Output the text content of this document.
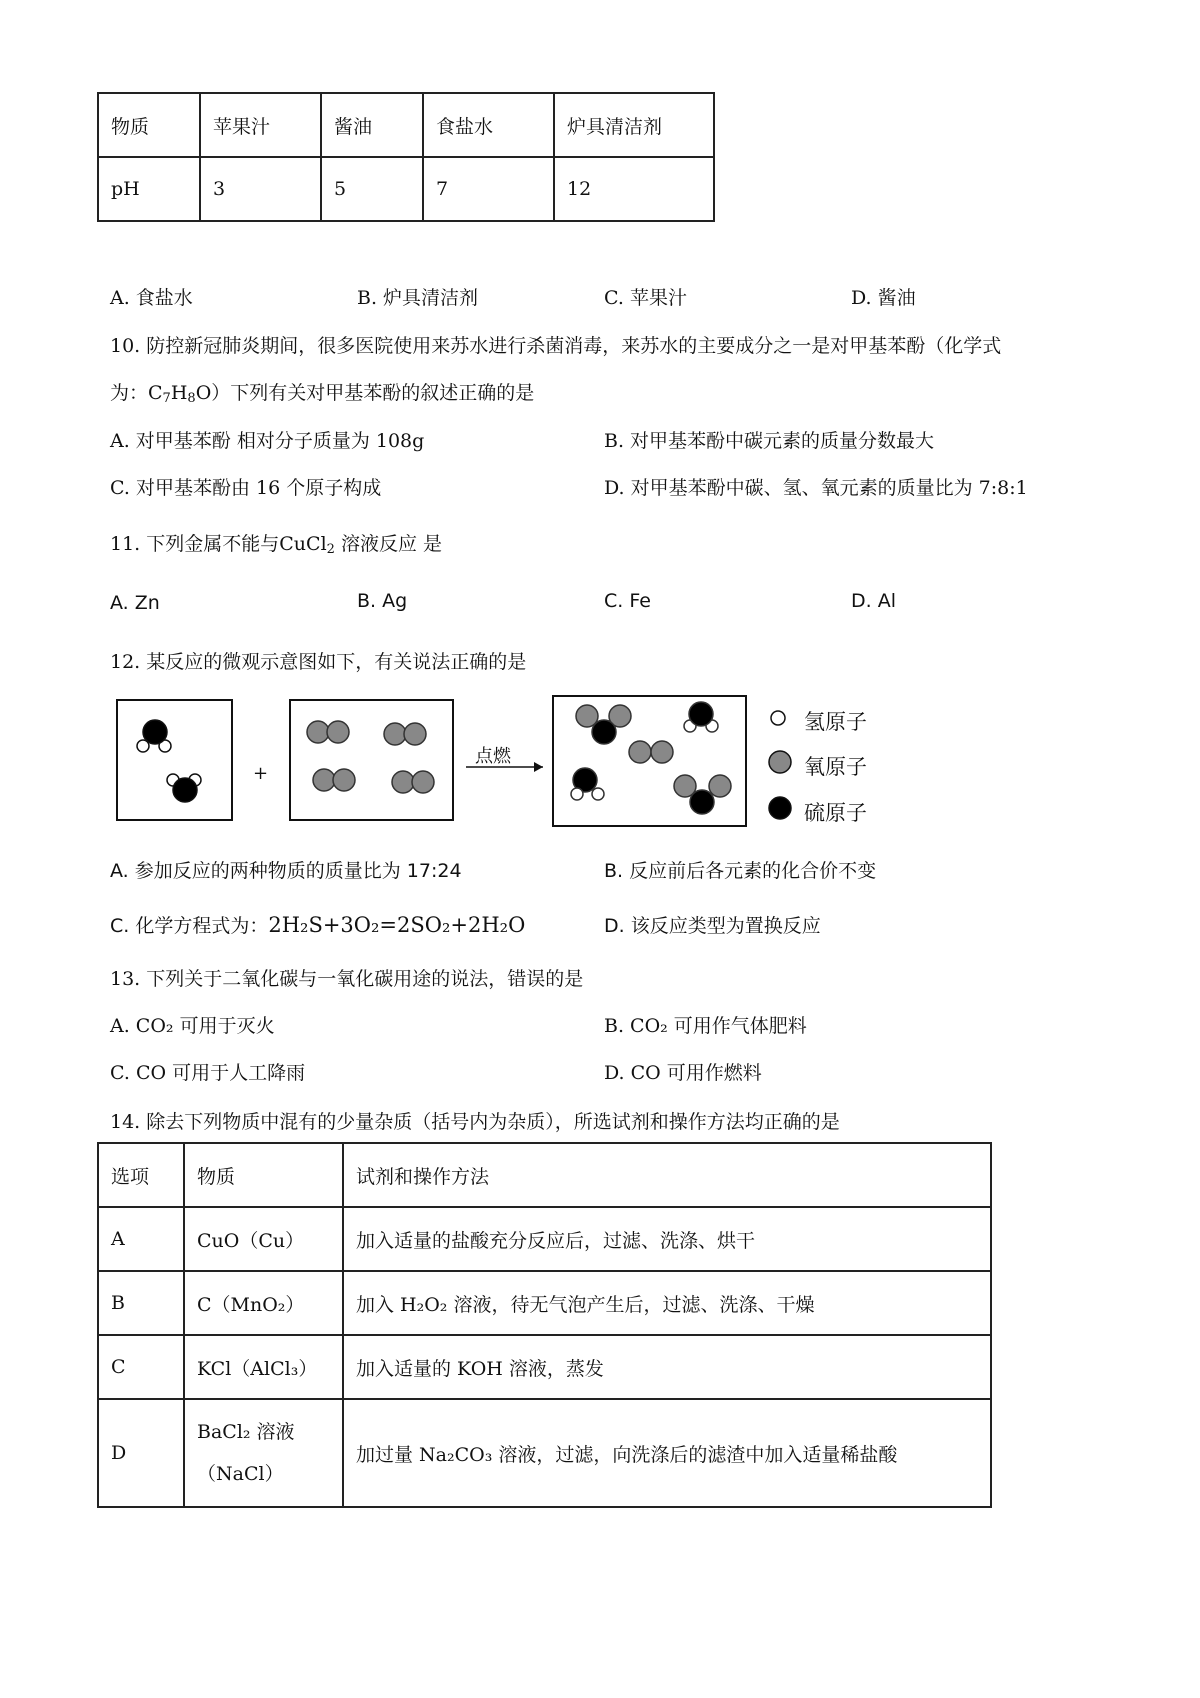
物质	苹果汁	酱油	食盐水	炉具清洁剂
pH	3	5	7	12
A. 食盐水	B. 炉具清洁剂	C. 苹果汁	D. 酱油
10. 防控新冠肺炎期间，很多医院使用来苏水进行杀菌消毒，来苏水的主要成分之一是对甲基苯酚（化学式
为：$C_7H_8O$）下列有关对甲基苯酚的叙述正确的是
A. 对甲基苯酚 相对分子质量为 108g	B. 对甲基苯酚中碳元素的质量分数最大
C. 对甲基苯酚由 16 个原子构成	D. 对甲基苯酚中碳、氢、氧元素的质量比为 7:8:1
11. 下列金属不能与CuCl$_2$ 溶液反应 是
A. Zn	B. Ag	C. Fe	D. Al
12. 某反应的微观示意图如下，有关说法正确的是
+
点燃
氢原子
氧原子
硫原子
A. 参加反应的两种物质的质量比为 17:24	B. 反应前后各元素的化合价不变
C. 化学方程式为：2H₂S+3O₂=2SO₂+2H₂O	D. 该反应类型为置换反应
13. 下列关于二氧化碳与一氧化碳用途的说法，错误的是
A. CO₂ 可用于灭火	B. CO₂ 可用作气体肥料
C. CO 可用于人工降雨	D. CO 可用作燃料
14. 除去下列物质中混有的少量杂质（括号内为杂质），所选试剂和操作方法均正确的是
选项	物质	试剂和操作方法
A	CuO（Cu）	加入适量的盐酸充分反应后，过滤、洗涤、烘干
B	C（MnO₂）	加入 H₂O₂ 溶液，待无气泡产生后，过滤、洗涤、干燥
C	KCl（AlCl₃）	加入适量的 KOH 溶液，蒸发
D	BaCl₂ 溶液（NaCl）	加过量 Na₂CO₃ 溶液，过滤，向洗涤后的滤渣中加入适量稀盐酸
